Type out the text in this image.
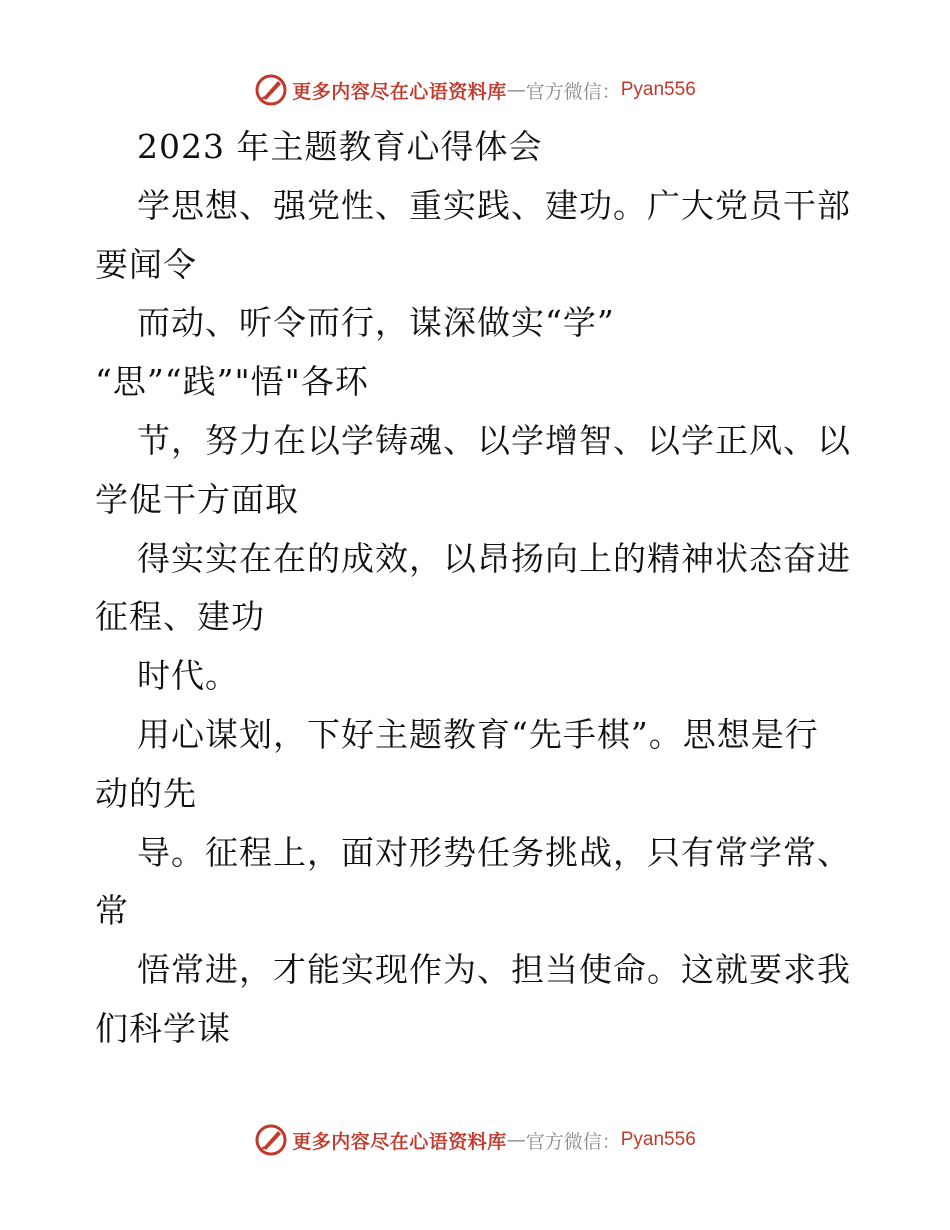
更多内容尽在心语资料库 — 官方微信： Pyan556
2023 年主题教育心得体会
学思想、强党性、重实践、建功。广大党员干部
要闻令
而动、听令而行，谋深做实“学”
“思”“践”"悟"各环
节，努力在以学铸魂、以学增智、以学正风、以
学促干方面取
得实实在在的成效，以昂扬向上的精神状态奋进
征程、建功
时代。
用心谋划，下好主题教育“先手棋”。思想是行
动的先
导。征程上，面对形势任务挑战，只有常学常、
常
悟常进，才能实现作为、担当使命。这就要求我
们科学谋
更多内容尽在心语资料库 — 官方微信： Pyan556
